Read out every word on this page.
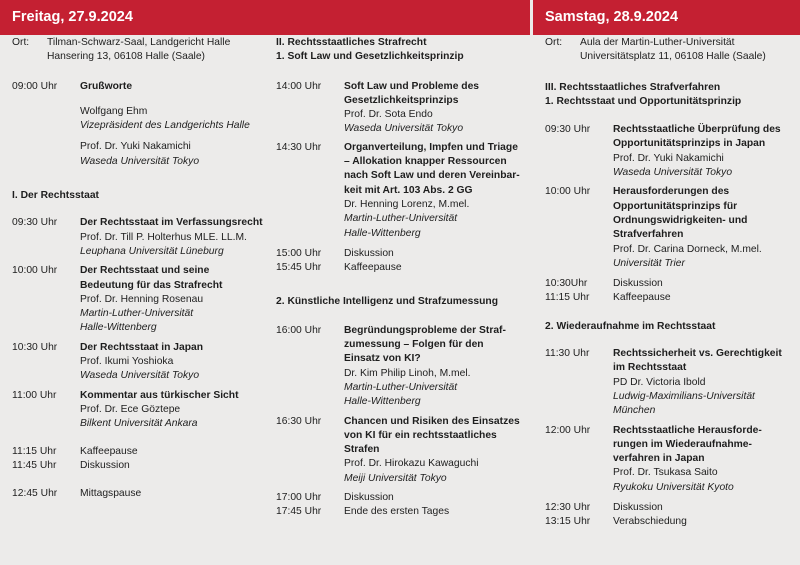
Freitag, 27.9.2024	Samstag, 28.9.2024
Ort:	Tilman-Schwarz-Saal, Landgericht Halle
Hansering 13, 06108 Halle (Saale)
09:00 Uhr	Grußworte
Wolfgang Ehm
Vizepräsident des Landgerichts Halle
Prof. Dr. Yuki Nakamichi
Waseda Universität Tokyo
I. Der Rechtsstaat
09:30 Uhr	Der Rechtsstaat im Verfassungsrecht
Prof. Dr. Till P. Holterhus MLE. LL.M.
Leuphana Universität Lüneburg
10:00 Uhr	Der Rechtsstaat und seine
Bedeutung für das Strafrecht
Prof. Dr. Henning Rosenau
Martin-Luther-Universität
Halle-Wittenberg
10:30 Uhr	Der Rechtsstaat in Japan
Prof. Ikumi Yoshioka
Waseda Universität Tokyo
11:00 Uhr	Kommentar aus türkischer Sicht
Prof. Dr. Ece Göztepe
Bilkent Universität Ankara
11:15 Uhr	Kaffeepause
11:45 Uhr	Diskussion
12:45 Uhr	Mittagspause
II. Rechtsstaatliches Strafrecht
1. Soft Law und Gesetzlichkeitsprinzip
14:00 Uhr	Soft Law und Probleme des
Gesetzlichkeitsprinzips
Prof. Dr. Sota Endo
Waseda Universität Tokyo
14:30 Uhr	Organverteilung, Impfen und Triage
– Allokation knapper Ressourcen
nach Soft Law und deren Vereinbar-
keit mit Art. 103 Abs. 2 GG
Dr. Henning Lorenz, M.mel.
Martin-Luther-Universität
Halle-Wittenberg
15:00 Uhr	Diskussion
15:45 Uhr	Kaffeepause
2. Künstliche Intelligenz und Strafzumessung
16:00 Uhr	Begründungsprobleme der Straf-
zumessung – Folgen für den
Einsatz von KI?
Dr. Kim Philip Linoh, M.mel.
Martin-Luther-Universität
Halle-Wittenberg
16:30 Uhr	Chancen und Risiken des Einsatzes
von KI für ein rechtsstaatliches
Strafen
Prof. Dr. Hirokazu Kawaguchi
Meiji Universität Tokyo
17:00 Uhr	Diskussion
17:45 Uhr	Ende des ersten Tages
Ort:	Aula der Martin-Luther-Universität
Universitätsplatz 11, 06108 Halle (Saale)
III. Rechtsstaatliches Strafverfahren
1. Rechtsstaat und Opportunitätsprinzip
09:30 Uhr	Rechtsstaatliche Überprüfung des
Opportunitätsprinzips in Japan
Prof. Dr. Yuki Nakamichi
Waseda Universität Tokyo
10:00 Uhr	Herausforderungen des
Opportunitätsprinzips für
Ordnungswidrigkeiten- und
Strafverfahren
Prof. Dr. Carina Dorneck, M.mel.
Universität Trier
10:30Uhr	Diskussion
11:15 Uhr	Kaffeepause
2. Wiederaufnahme im Rechtsstaat
11:30 Uhr	Rechtssicherheit vs. Gerechtigkeit
im Rechtsstaat
PD Dr. Victoria Ibold
Ludwig-Maximilians-Universität
München
12:00 Uhr	Rechtsstaatliche Herausforde-
rungen im Wiederaufnahme-
verfahren in Japan
Prof. Dr. Tsukasa Saito
Ryukoku Universität Kyoto
12:30 Uhr	Diskussion
13:15 Uhr	Verabschiedung
